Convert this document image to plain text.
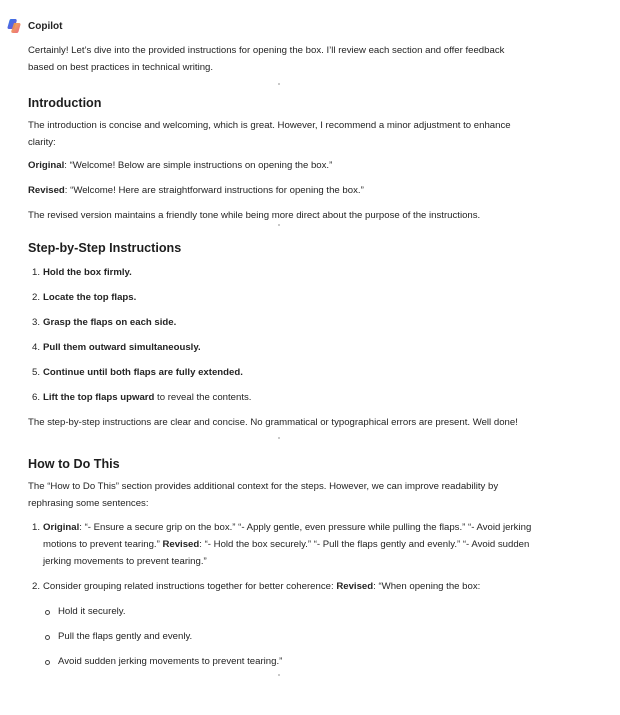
Copilot

Certainly! Let’s dive into the provided instructions for opening the box. I’ll review each section and offer feedback based on best practices in technical writing.

Introduction

The introduction is concise and welcoming, which is great. However, I recommend a minor adjustment to enhance clarity:

Original: “Welcome! Below are simple instructions on opening the box.”

Revised: “Welcome! Here are straightforward instructions for opening the box.”

The revised version maintains a friendly tone while being more direct about the purpose of the instructions.

Step-by-Step Instructions
1. Hold the box firmly.
2. Locate the top flaps.
3. Grasp the flaps on each side.
4. Pull them outward simultaneously.
5. Continue until both flaps are fully extended.
6. Lift the top flaps upward to reveal the contents.

The step-by-step instructions are clear and concise. No grammatical or typographical errors are present. Well done!

How to Do This

The “How to Do This” section provides additional context for the steps. However, we can improve readability by rephrasing some sentences:

1. Original: “- Ensure a secure grip on the box.” “- Apply gentle, even pressure while pulling the flaps.” “- Avoid jerking motions to prevent tearing.” Revised: “- Hold the box securely.” “- Pull the flaps gently and evenly.” “- Avoid sudden jerking movements to prevent tearing.”
2. Consider grouping related instructions together for better coherence: Revised: “When opening the box:
Hold it securely.
Pull the flaps gently and evenly.
Avoid sudden jerking movements to prevent tearing.”
